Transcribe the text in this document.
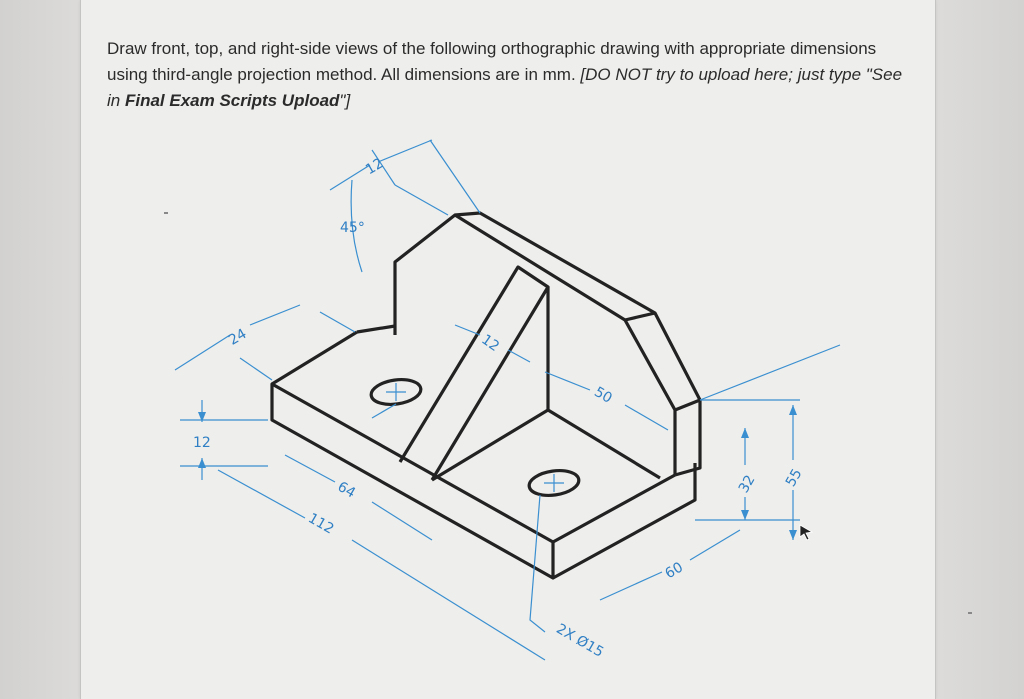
Draw front, top, and right-side views of the following orthographic drawing with appropriate dimensions using third-angle projection method. All dimensions are in mm. [DO NOT try to upload here; just type "See in Final Exam Scripts Upload"]
12
45°
24
12
12
50
64
112
32 55
60
2X Ø15
